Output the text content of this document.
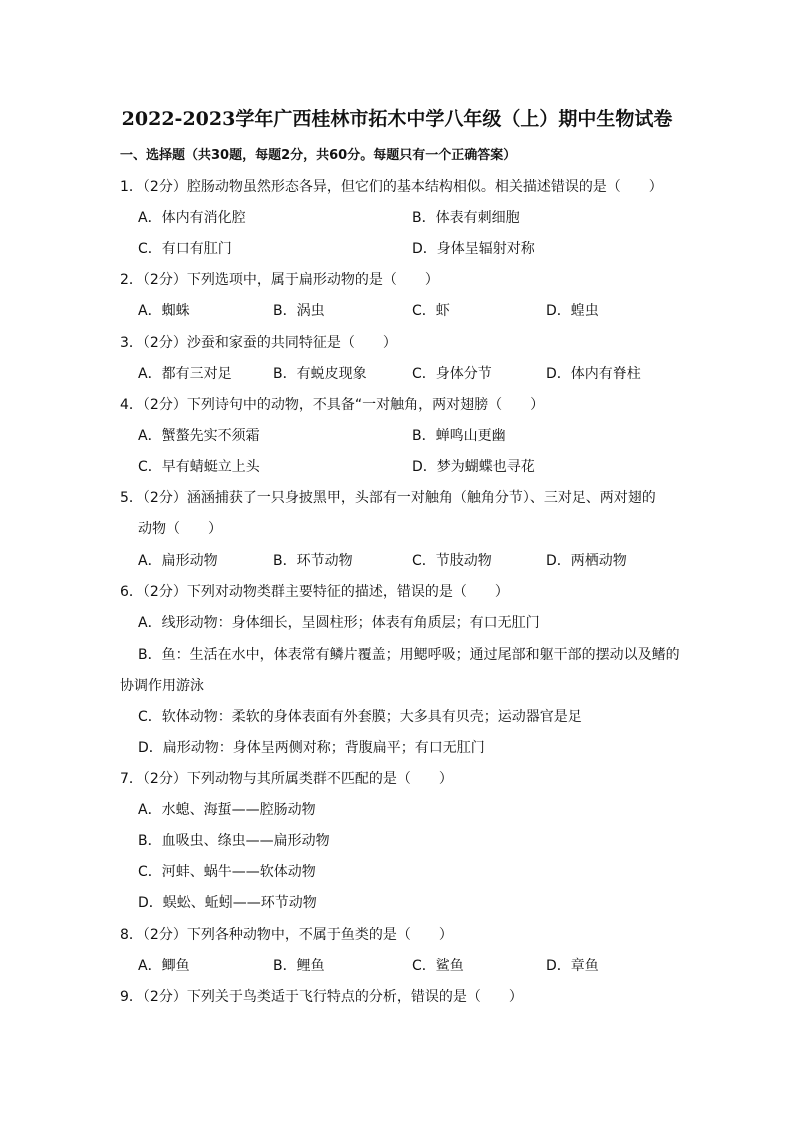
2022-2023学年广西桂林市拓木中学八年级（上）期中生物试卷
一、选择题（共30题，每题2分，共60分。每题只有一个正确答案）
1．（2分）腔肠动物虽然形态各异，但它们的基本结构相似。相关描述错误的是（　　）
A．体内有消化腔	B．体表有刺细胞
C．有口有肛门	D．身体呈辐射对称
2．（2分）下列选项中，属于扁形动物的是（　　）
A．蜘蛛	B．涡虫	C．虾	D．蝗虫
3．（2分）沙蚕和家蚕的共同特征是（　　）
A．都有三对足	B．有蜕皮现象	C．身体分节	D．体内有脊柱
4．（2分）下列诗句中的动物，不具备“一对触角，两对翅膀（　　）
A．蟹螯先实不须霜	B．蝉鸣山更幽
C．早有蜻蜓立上头	D．梦为蝴蝶也寻花
5．（2分）涵涵捕获了一只身披黑甲，头部有一对触角（触角分节）、三对足、两对翅的
动物（　　）
A．扁形动物	B．环节动物	C．节肢动物	D．两栖动物
6．（2分）下列对动物类群主要特征的描述，错误的是（　　）
A．线形动物：身体细长，呈圆柱形；体表有角质层；有口无肛门
B．鱼：生活在水中，体表常有鳞片覆盖；用鳃呼吸；通过尾部和躯干部的摆动以及鳍的
协调作用游泳
C．软体动物：柔软的身体表面有外套膜；大多具有贝壳；运动器官是足
D．扁形动物：身体呈两侧对称；背腹扁平；有口无肛门
7．（2分）下列动物与其所属类群不匹配的是（　　）
A．水螅、海蜇——腔肠动物
B．血吸虫、绦虫——扁形动物
C．河蚌、蜗牛——软体动物
D．蜈蚣、蚯蚓——环节动物
8．（2分）下列各种动物中，不属于鱼类的是（　　）
A．鲫鱼	B．鲤鱼	C．鲨鱼	D．章鱼
9．（2分）下列关于鸟类适于飞行特点的分析，错误的是（　　）
